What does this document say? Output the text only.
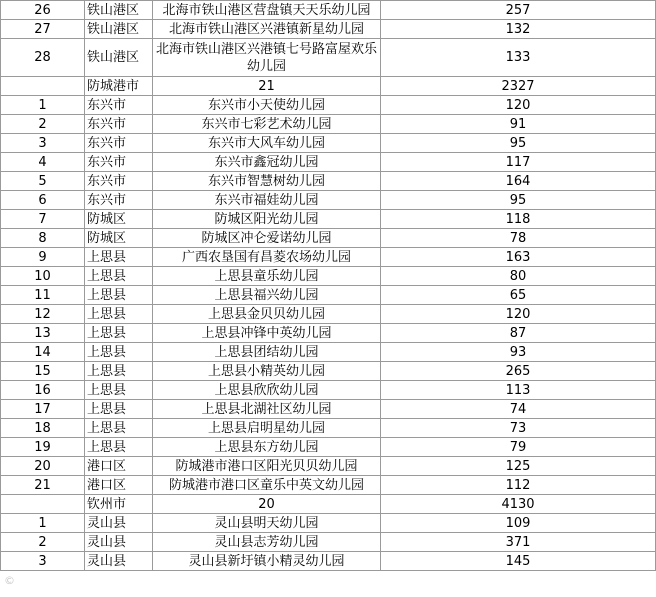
26	铁山港区	北海市铁山港区营盘镇天天乐幼儿园	257
27	铁山港区	北海市铁山港区兴港镇新星幼儿园	132
28	铁山港区	北海市铁山港区兴港镇七号路富屋欢乐幼儿园	133
	防城港市	21	2327
1	东兴市	东兴市小天使幼儿园	120
2	东兴市	东兴市七彩艺术幼儿园	91
3	东兴市	东兴市大风车幼儿园	95
4	东兴市	东兴市鑫冠幼儿园	117
5	东兴市	东兴市智慧树幼儿园	164
6	东兴市	东兴市福娃幼儿园	95
7	防城区	防城区阳光幼儿园	118
8	防城区	防城区冲仑爱诺幼儿园	78
9	上思县	广西农垦国有昌菱农场幼儿园	163
10	上思县	上思县童乐幼儿园	80
11	上思县	上思县福兴幼儿园	65
12	上思县	上思县金贝贝幼儿园	120
13	上思县	上思县冲锋中英幼儿园	87
14	上思县	上思县团结幼儿园	93
15	上思县	上思县小精英幼儿园	265
16	上思县	上思县欣欣幼儿园	113
17	上思县	上思县北湖社区幼儿园	74
18	上思县	上思县启明星幼儿园	73
19	上思县	上思县东方幼儿园	79
20	港口区	防城港市港口区阳光贝贝幼儿园	125
21	港口区	防城港市港口区童乐中英文幼儿园	112
	钦州市	20	4130
1	灵山县	灵山县明天幼儿园	109
2	灵山县	灵山县志芳幼儿园	371
3	灵山县	灵山县新圩镇小精灵幼儿园	145
©
